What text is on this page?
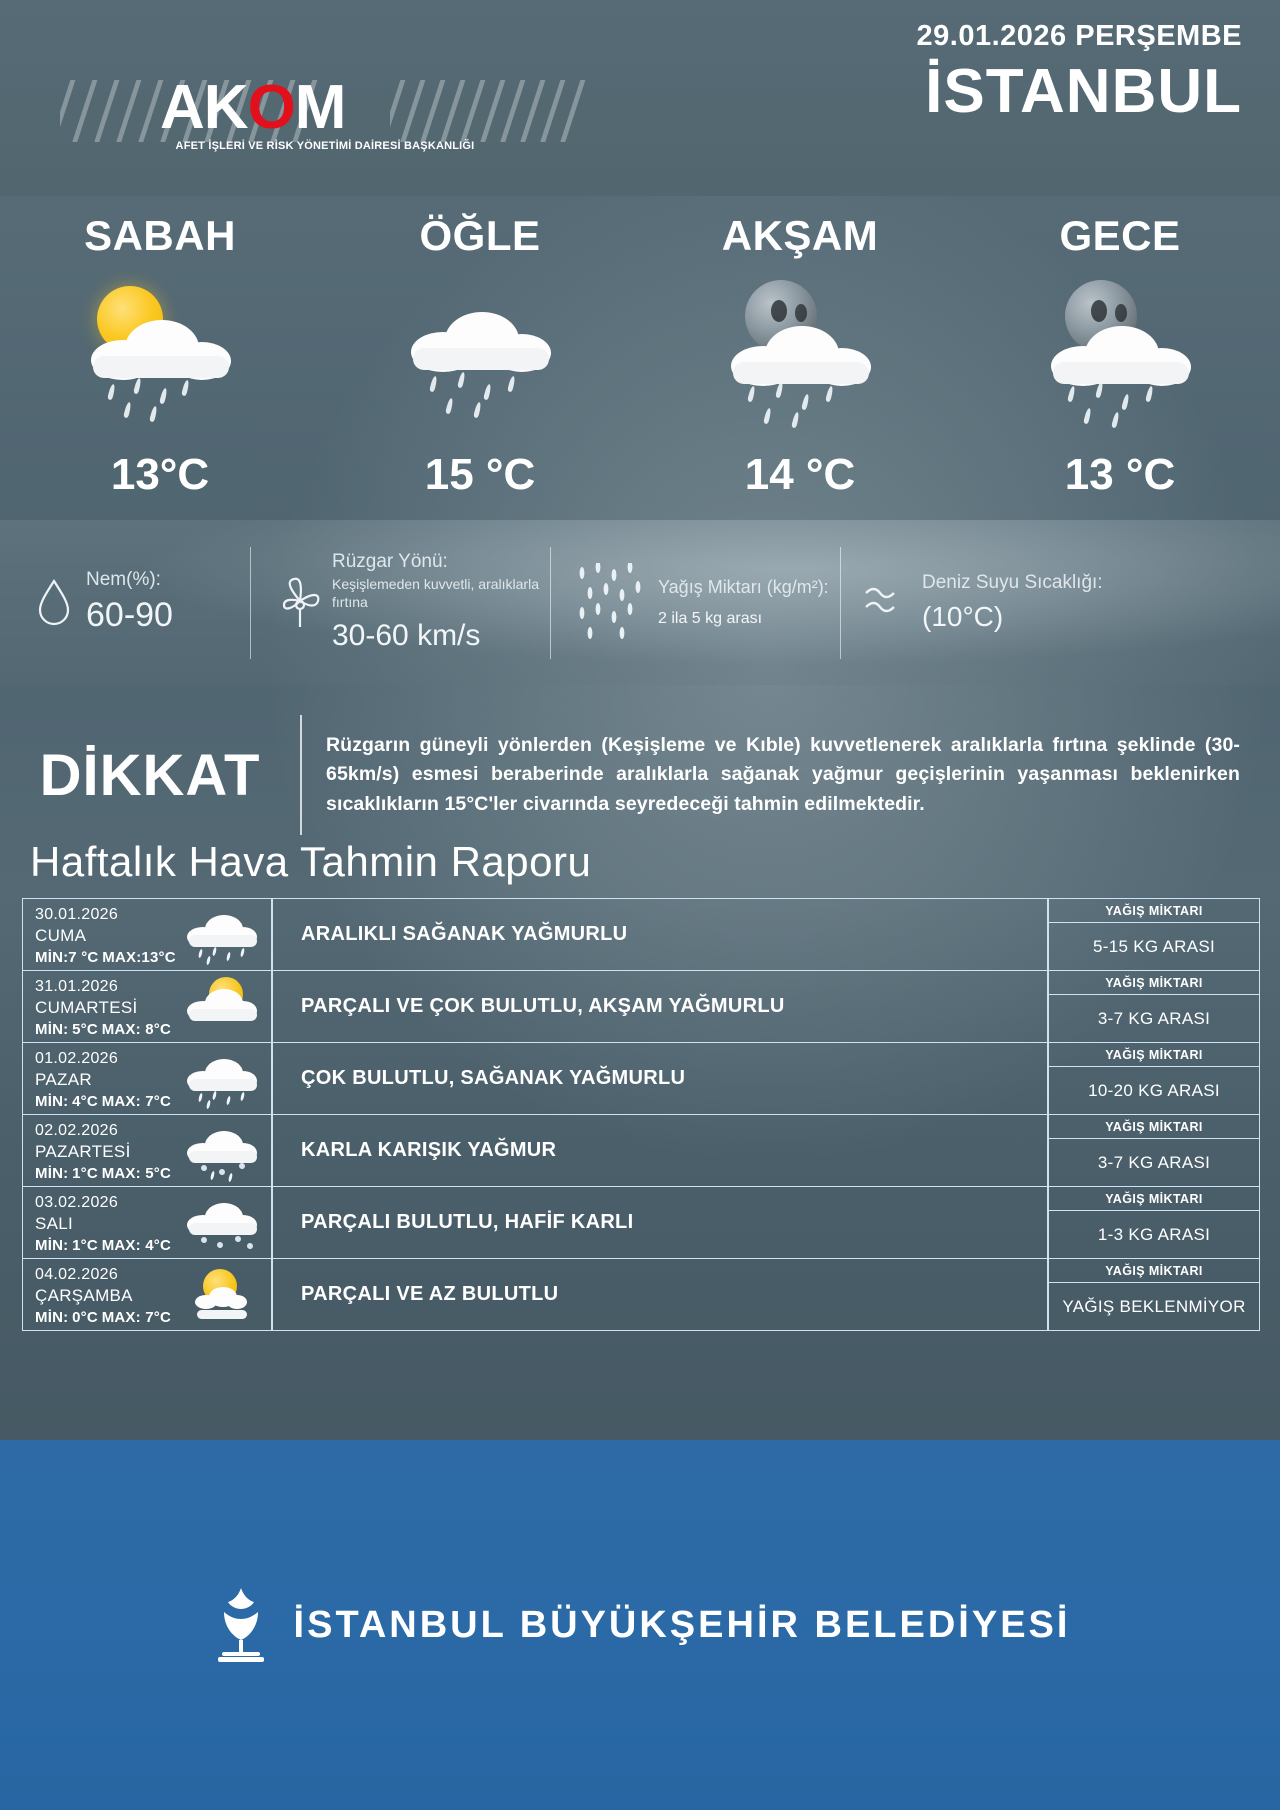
AKOM
AFET İŞLERİ VE RİSK YÖNETİMİ DAİRESİ BAŞKANLIĞI
29.01.2026 PERŞEMBE
İSTANBUL
SABAH
13°C
ÖĞLE
15 °C
AKŞAM
14 °C
GECE
13 °C
Nem(%):
60-90
Rüzgar Yönü:
Keşişlemeden kuvvetli, aralıklarla fırtına
30-60 km/s
Yağış Miktarı (kg/m²):
2 ila 5 kg arası
Deniz Suyu Sıcaklığı:
(10°C)
DİKKAT	Rüzgarın güneyli yönlerden (Keşişleme ve Kıble) kuvvetlenerek aralıklarla fırtına şeklinde (30-65km/s) esmesi beraberinde aralıklarla sağanak yağmur geçişlerinin yaşanması beklenirken sıcaklıkların 15°C'ler civarında seyredeceği tahmin edilmektedir.
Haftalık Hava Tahmin Raporu
30.01.2026
CUMA
MİN:7 °C MAX:13°C
ARALIKLI SAĞANAK YAĞMURLU
YAĞIŞ MİKTARI
5-15 KG ARASI
31.01.2026
CUMARTESİ
MİN: 5°C MAX: 8°C
PARÇALI VE ÇOK BULUTLU, AKŞAM YAĞMURLU
YAĞIŞ MİKTARI
3-7 KG ARASI
01.02.2026
PAZAR
MİN: 4°C MAX: 7°C
ÇOK BULUTLU, SAĞANAK YAĞMURLU
YAĞIŞ MİKTARI
10-20 KG ARASI
02.02.2026
PAZARTESİ
MİN: 1°C MAX: 5°C
KARLA KARIŞIK YAĞMUR
YAĞIŞ MİKTARI
3-7 KG ARASI
03.02.2026
SALI
MİN: 1°C MAX: 4°C
PARÇALI BULUTLU, HAFİF KARLI
YAĞIŞ MİKTARI
1-3 KG ARASI
04.02.2026
ÇARŞAMBA
MİN: 0°C MAX: 7°C
PARÇALI VE AZ BULUTLU
YAĞIŞ MİKTARI
YAĞIŞ BEKLENMİYOR
İSTANBUL BÜYÜKŞEHİR BELEDİYESİ
